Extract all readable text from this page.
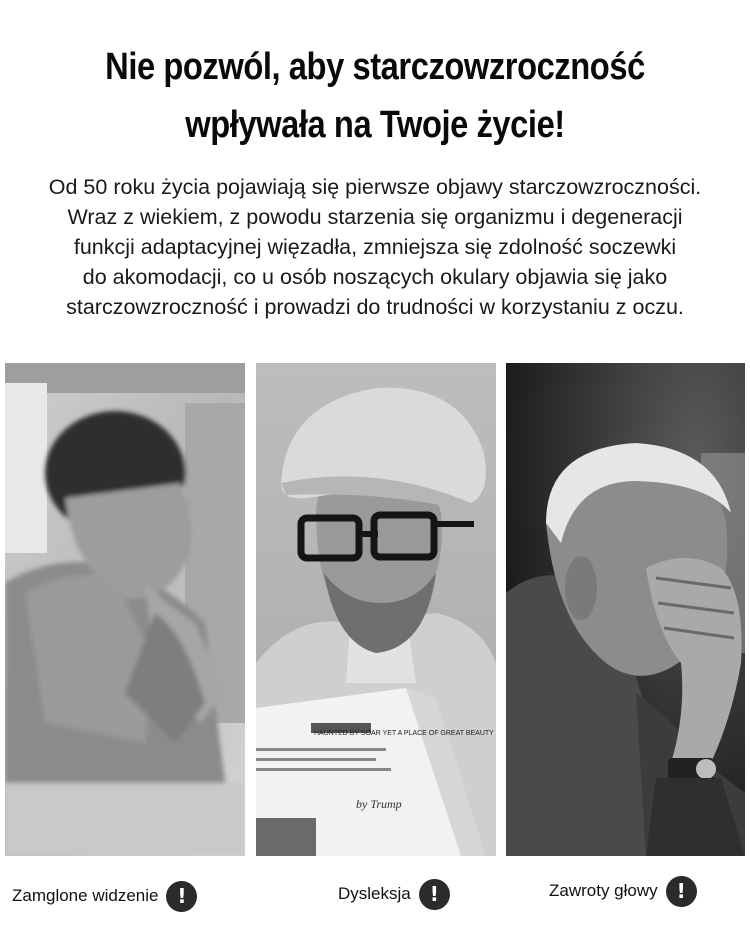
Nie pozwól, aby starczowzroczność
wpływała na Twoje życie!
Od 50 roku życia pojawiają się pierwsze objawy starczowzroczności.
Wraz z wiekiem, z powodu starzenia się organizmu i degeneracji
funkcji adaptacyjnej więzadła, zmniejsza się zdolność soczewki
do akomodacji, co u osób noszących okulary objawia się jako
starczowzroczność i prowadzi do trudności w korzystaniu z oczu.
HAUNTED BY SOAR YET A PLACE OF GREAT BEAUTY
by Trump
Zamglone widzenie !	Dysleksja !	Zawroty głowy !
